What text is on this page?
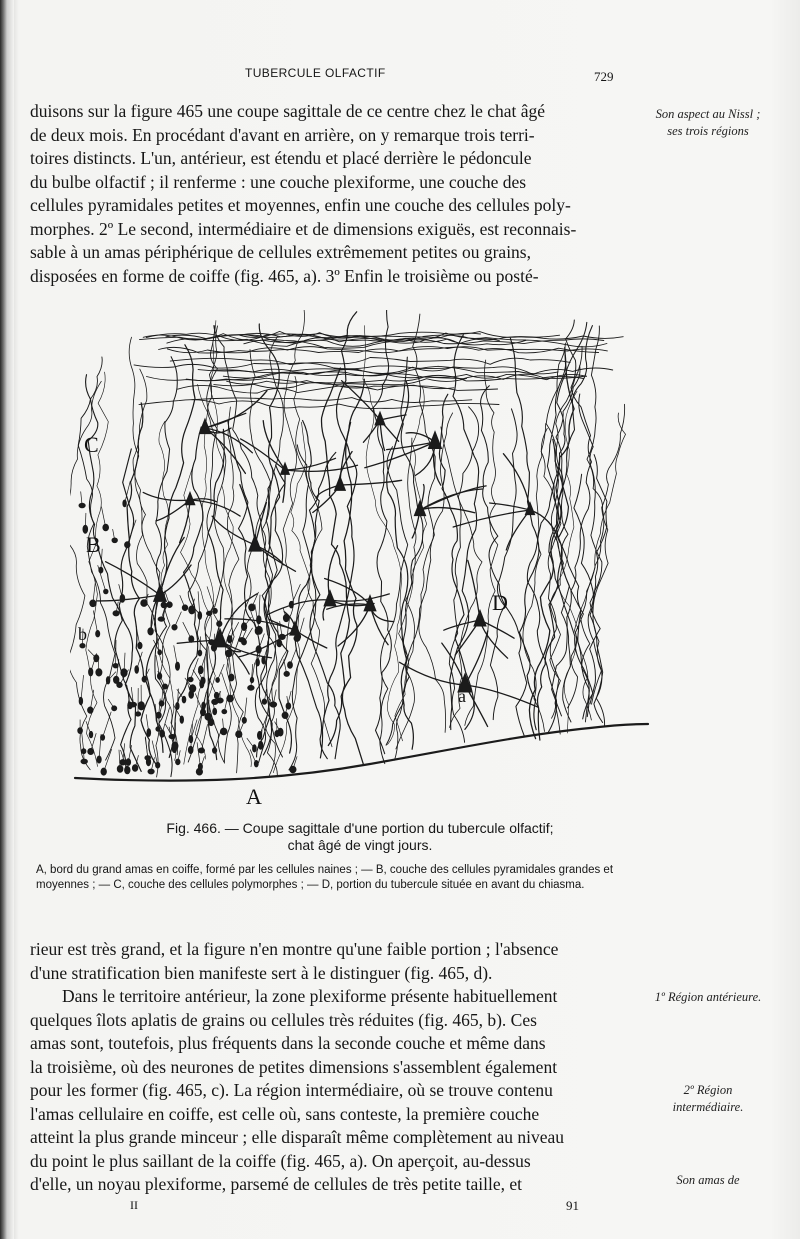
TUBERCULE OLFACTIF	729

duisons sur la figure 465 une coupe sagittale de ce centre chez le chat âgé
de deux mois. En procédant d'avant en arrière, on y remarque trois terri-
toires distincts. L'un, antérieur, est étendu et placé derrière le pédoncule
du bulbe olfactif ; il renferme : une couche plexiforme, une couche des
cellules pyramidales petites et moyennes, enfin une couche des cellules poly-
morphes. 2º Le second, intermédiaire et de dimensions exiguës, est reconnais-
sable à un amas périphérique de cellules extrêmement petites ou grains,
disposées en forme de coiffe (fig. 465, a). 3º Enfin le troisième ou posté-

Son aspect au Nissl ; ses trois régions
C
B
b
D
a
A
Fig. 466. — Coupe sagittale d'une portion du tubercule olfactif;
chat âgé de vingt jours.

A, bord du grand amas en coiffe, formé par les cellules naines ; — B, couche des cellules pyramidales grandes et moyennes ; — C, couche des cellules polymorphes ; — D, portion du tubercule située en avant du chiasma.

rieur est très grand, et la figure n'en montre qu'une faible portion ; l'absence
d'une stratification bien manifeste sert à le distinguer (fig. 465, d).

Dans le territoire antérieur, la zone plexiforme présente habituellement
quelques îlots aplatis de grains ou cellules très réduites (fig. 465, b). Ces
amas sont, toutefois, plus fréquents dans la seconde couche et même dans
la troisième, où des neurones de petites dimensions s'assemblent également
pour les former (fig. 465, c). La région intermédiaire, où se trouve contenu
l'amas cellulaire en coiffe, est celle où, sans conteste, la première couche
atteint la plus grande minceur ; elle disparaît même complètement au niveau
du point le plus saillant de la coiffe (fig. 465, a). On aperçoit, au-dessus
d'elle, un noyau plexiforme, parsemé de cellules de très petite taille, et

1º Région antérieure.
2º Région intermédiaire.
Son amas de
II	91
